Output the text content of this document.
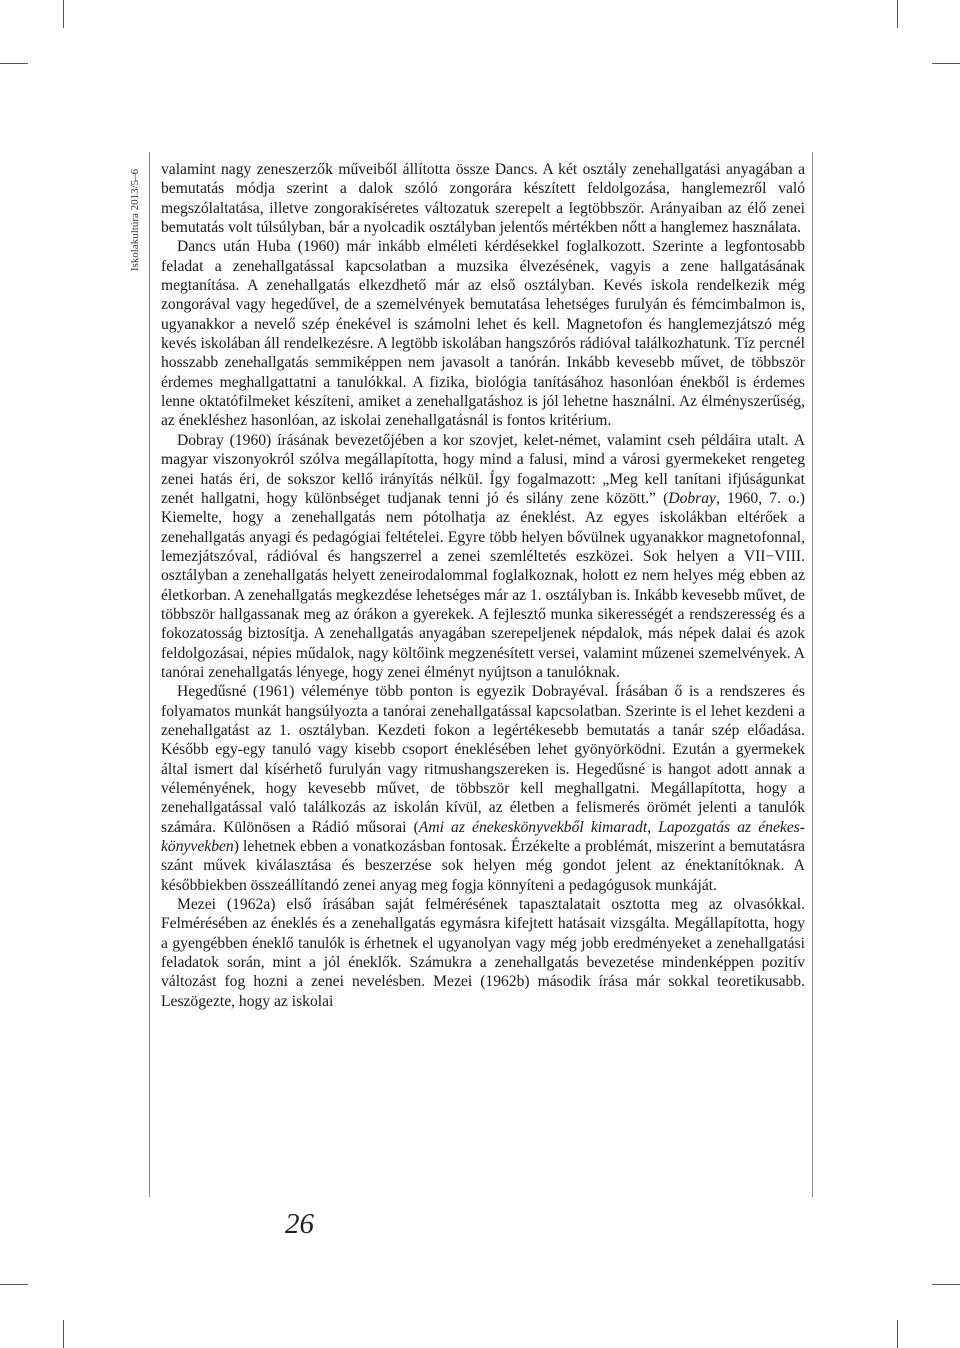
Iskolakultúra 2013/5–6 valamint nagy zeneszerzők műveiből állította össze Dancs. A két osztály zenehallgatási anyagában a bemutatás módja szerint a dalok szóló zongorára készített feldolgozása, hanglemezről való megszólaltatása, illetve zongorakíséretes változatuk szerepelt a legtöbbször. Arányaiban az élő zenei bemutatás volt túlsúlyban, bár a nyolcadik osztályban jelentős mértékben nőtt a hanglemez használata.

Dancs után Huba (1960) már inkább elméleti kérdésekkel foglalkozott. Szerinte a legfontosabb feladat a zenehallgatással kapcsolatban a muzsika élvezésének, vagyis a zene hallgatásának megtanítása. A zenehallgatás elkezdhető már az első osztályban. Kevés iskola rendelkezik még zongorával vagy hegedűvel, de a szemelvények bemutatása lehetséges furulyán és fémcimbalmon is, ugyanakkor a nevelő szép énekével is számolni lehet és kell. Magnetofon és hanglemezjátszó még kevés iskolában áll rendelkezésre. A legtöbb iskolában hangszórós rádióval találkozhatunk. Tíz percnél hosszabb zenehallgatás semmiképpen nem javasolt a tanórán. Inkább kevesebb művet, de többször érdemes meghallgattatni a tanulókkal. A fizika, biológia tanításához hasonlóan énekből is érdemes lenne oktatófilmeket készíteni, amiket a zenehallgatáshoz is jól lehetne használni. Az élményszerűség, az énekléshez hasonlóan, az iskolai zenehallgatásnál is fontos kritérium.

Dobray (1960) írásának bevezetőjében a kor szovjet, kelet-német, valamint cseh példáira utalt. A magyar viszonyokról szólva megállapította, hogy mind a falusi, mind a városi gyermekeket rengeteg zenei hatás éri, de sokszor kellő irányítás nélkül. Így fogalmazott: „Meg kell tanítani ifjúságunkat zenét hallgatni, hogy különbséget tudjanak tenni jó és silány zene között.” (Dobray, 1960, 7. o.) Kiemelte, hogy a zenehallgatás nem pótolhatja az éneklést. Az egyes iskolákban eltérőek a zenehallgatás anyagi és pedagógiai feltételei. Egyre több helyen bővülnek ugyanakkor magnetofonnal, lemezjátszóval, rádióval és hangszerrel a zenei szemléltetés eszközei. Sok helyen a VII−VIII. osztályban a zenehallgatás helyett zeneirodalommal foglalkoznak, holott ez nem helyes még ebben az életkorban. A zenehallgatás megkezdése lehetséges már az 1. osztályban is. Inkább kevesebb művet, de többször hallgassanak meg az órákon a gyerekek. A fejlesztő munka sikerességét a rendszeresség és a fokozatosság biztosítja. A zenehallgatás anyagában szerepeljenek népdalok, más népek dalai és azok feldolgozásai, népies műdalok, nagy költőink megzenésített versei, valamint műzenei szemelvények. A tanórai zenehallgatás lényege, hogy zenei élményt nyújtson a tanulóknak.

Hegedűsné (1961) véleménye több ponton is egyezik Dobrayéval. Írásában ő is a rendszeres és folyamatos munkát hangsúlyozta a tanórai zenehallgatással kapcsolatban. Szerinte is el lehet kezdeni a zenehallgatást az 1. osztályban. Kezdeti fokon a legértékesebb bemutatás a tanár szép előadása. Később egy-egy tanuló vagy kisebb csoport éneklésében lehet gyönyörködni. Ezután a gyermekek által ismert dal kísérhető furulyán vagy ritmushangszereken is. Hegedűsné is hangot adott annak a véleményének, hogy kevesebb művet, de többször kell meghallgatni. Megállapította, hogy a zenehallgatással való találkozás az iskolán kívül, az életben a felismerés örömét jelenti a tanulók számára. Különösen a Rádió műsorai (Ami az énekeskönyvekből kimaradt, Lapozgatás az énekeskönyvekben) lehetnek ebben a vonatkozásban fontosak. Érzékelte a problémát, miszerint a bemutatásra szánt művek kiválasztása és beszerzése sok helyen még gondot jelent az énektanítóknak. A későbbiekben összeállítandó zenei anyag meg fogja könnyíteni a pedagógusok munkáját.

Mezei (1962a) első írásában saját felmérésének tapasztalatait osztotta meg az olvasókkal. Felmérésében az éneklés és a zenehallgatás egymásra kifejtett hatásait vizsgálta. Megállapította, hogy a gyengébben éneklő tanulók is érhetnek el ugyanolyan vagy még jobb eredményeket a zenehallgatási feladatok során, mint a jól éneklők. Számukra a zenehallgatás bevezetése mindenképpen pozitív változást fog hozni a zenei nevelésben. Mezei (1962b) második írása már sokkal teoretikusabb. Leszögezte, hogy az iskolai

26
